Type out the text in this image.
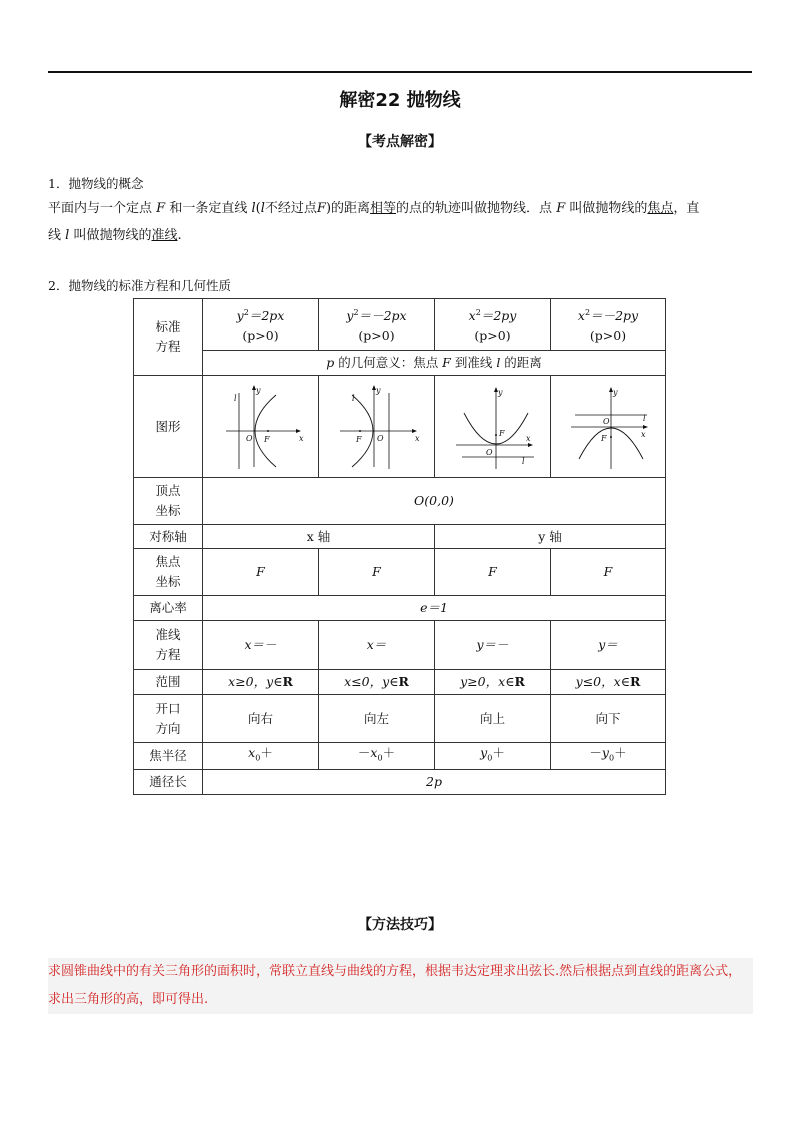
解密22 抛物线
【考点解密】
1．抛物线的概念
平面内与一个定点 F 和一条定直线 l(l不经过点F)的距离相等的点的轨迹叫做抛物线．点 F 叫做抛物线的焦点，直
线 l 叫做抛物线的准线.
2．抛物线的标准方程和几何性质
标准
方程	$y^2=2px$
(p>0)	$y^2=-2px$
(p>0)	$x^2=2py$
(p>0)	$x^2=-2py$
(p>0)
	p 的几何意义：焦点 F 到准线 l 的距离			
图形	y
x
l
O F	y
x
l
O
F	y
x
l
O
F	y
x
l
O
F

顶点
坐标	O(0,0)			
对称轴	x 轴		y 轴	
焦点
坐标	F	F	F	F
离心率	e＝1			
准线
方程	x＝－	x＝	y＝－	y＝
范围	x≥0，y∈R	x≤0，y∈R	y≥0，x∈R	y≤0，x∈R
开口
方向	向右	向左	向上	向下
焦半径	$x_0+$	$-x_0+$	$y_0+$	$-y_0+$
通径长	2p			
【方法技巧】
求圆锥曲线中的有关三角形的面积时，常联立直线与曲线的方程，根据韦达定理求出弦长.然后根据点到直线的距离公式，求出三角形的高，即可得出.
